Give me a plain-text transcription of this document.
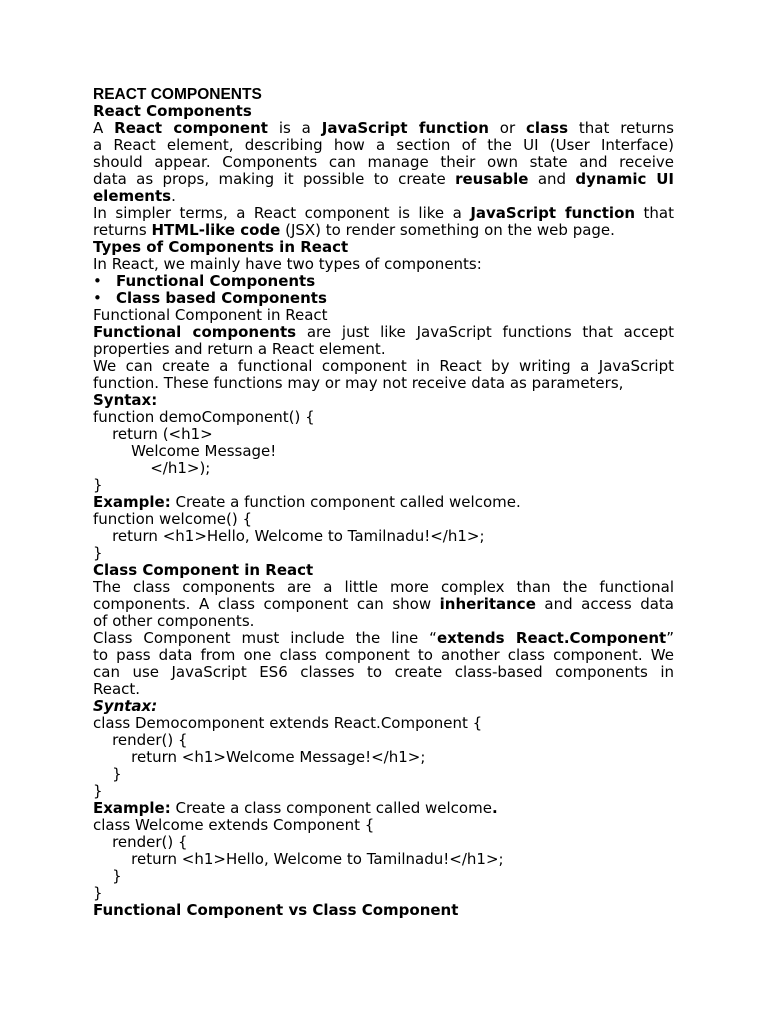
REACT COMPONENTS
React Components
A React component is a JavaScript function or class that returns
a React element, describing how a section of the UI (User Interface)
should appear. Components can manage their own state and receive
data as props, making it possible to create reusable and dynamic UI
elements.
In simpler terms, a React component is like a JavaScript function that
returns HTML-like code (JSX) to render something on the web page.
Types of Components in React
In React, we mainly have two types of components:
• Functional Components
• Class based Components
Functional Component in React
Functional components are just like JavaScript functions that accept
properties and return a React element.
We can create a functional component in React by writing a JavaScript
function. These functions may or may not receive data as parameters,
Syntax:
function demoComponent() {
return (<h1>
Welcome Message!
</h1>);
}
Example: Create a function component called welcome.
function welcome() {
return <h1>Hello, Welcome to Tamilnadu!</h1>;
}
Class Component in React
The class components are a little more complex than the functional
components. A class component can show inheritance and access data
of other components.
Class Component must include the line “extends React.Component”
to pass data from one class component to another class component. We
can use JavaScript ES6 classes to create class-based components in
React.
Syntax:
class Democomponent extends React.Component {
render() {
return <h1>Welcome Message!</h1>;
}
}
Example: Create a class component called welcome.
class Welcome extends Component {
render() {
return <h1>Hello, Welcome to Tamilnadu!</h1>;
}
}
Functional Component vs Class Component
